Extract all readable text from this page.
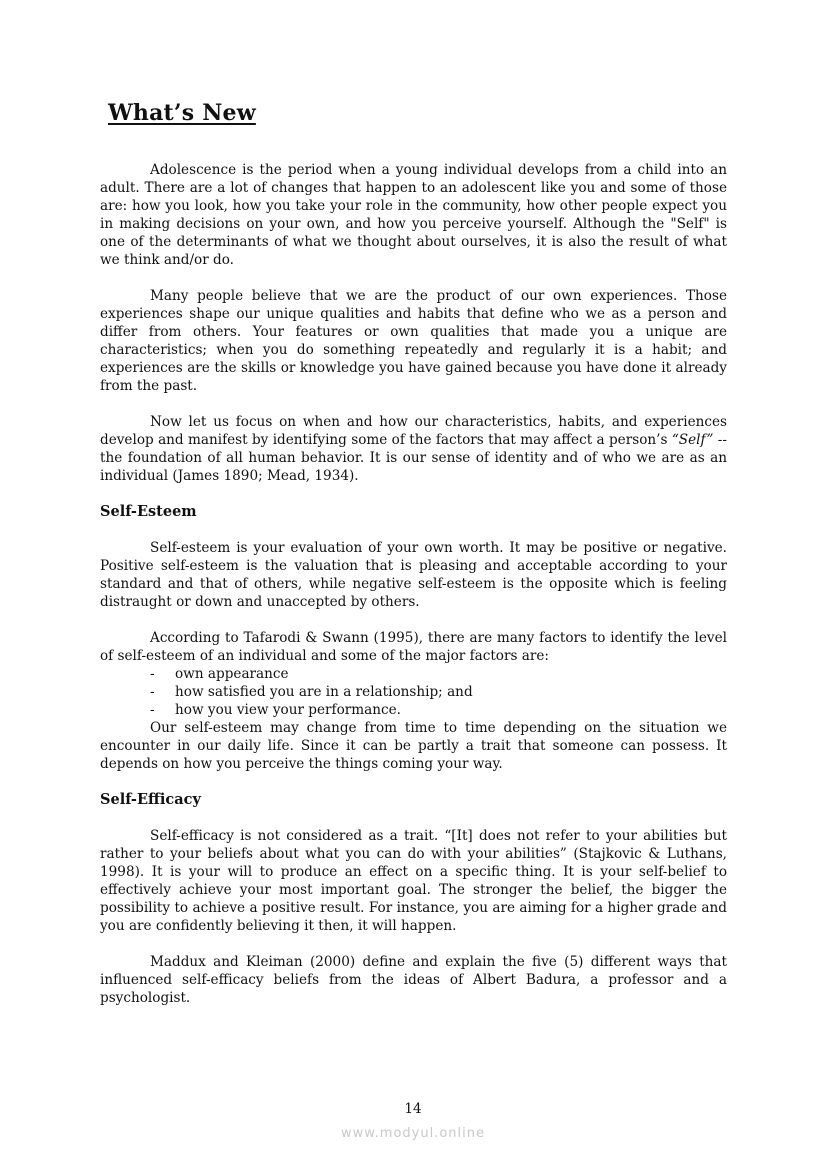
What’s New

Adolescence is the period when a young individual develops from a child into an adult. There are a lot of changes that happen to an adolescent like you and some of those are: how you look, how you take your role in the community, how other people expect you in making decisions on your own, and how you perceive yourself. Although the "Self" is one of the determinants of what we thought about ourselves, it is also the result of what we think and/or do.

Many people believe that we are the product of our own experiences. Those experiences shape our unique qualities and habits that define who we as a person and differ from others. Your features or own qualities that made you a unique are characteristics; when you do something repeatedly and regularly it is a habit; and experiences are the skills or knowledge you have gained because you have done it already from the past.

Now let us focus on when and how our characteristics, habits, and experiences develop and manifest by identifying some of the factors that may affect a person’s “Self” -- the foundation of all human behavior. It is our sense of identity and of who we are as an individual (James 1890; Mead, 1934).

Self-Esteem

Self-esteem is your evaluation of your own worth. It may be positive or negative. Positive self-esteem is the valuation that is pleasing and acceptable according to your standard and that of others, while negative self-esteem is the opposite which is feeling distraught or down and unaccepted by others.

According to Tafarodi & Swann (1995), there are many factors to identify the level of self-esteem of an individual and some of the major factors are:

- own appearance
- how satisfied you are in a relationship; and
- how you view your performance.

Our self-esteem may change from time to time depending on the situation we encounter in our daily life. Since it can be partly a trait that someone can possess. It depends on how you perceive the things coming your way.

Self-Efficacy

Self-efficacy is not considered as a trait. “[It] does not refer to your abilities but rather to your beliefs about what you can do with your abilities” (Stajkovic & Luthans, 1998). It is your will to produce an effect on a specific thing. It is your self-belief to effectively achieve your most important goal. The stronger the belief, the bigger the possibility to achieve a positive result. For instance, you are aiming for a higher grade and you are confidently believing it then, it will happen.

Maddux and Kleiman (2000) define and explain the five (5) different ways that influenced self-efficacy beliefs from the ideas of Albert Badura, a professor and a psychologist.

14
www.modyul.online
